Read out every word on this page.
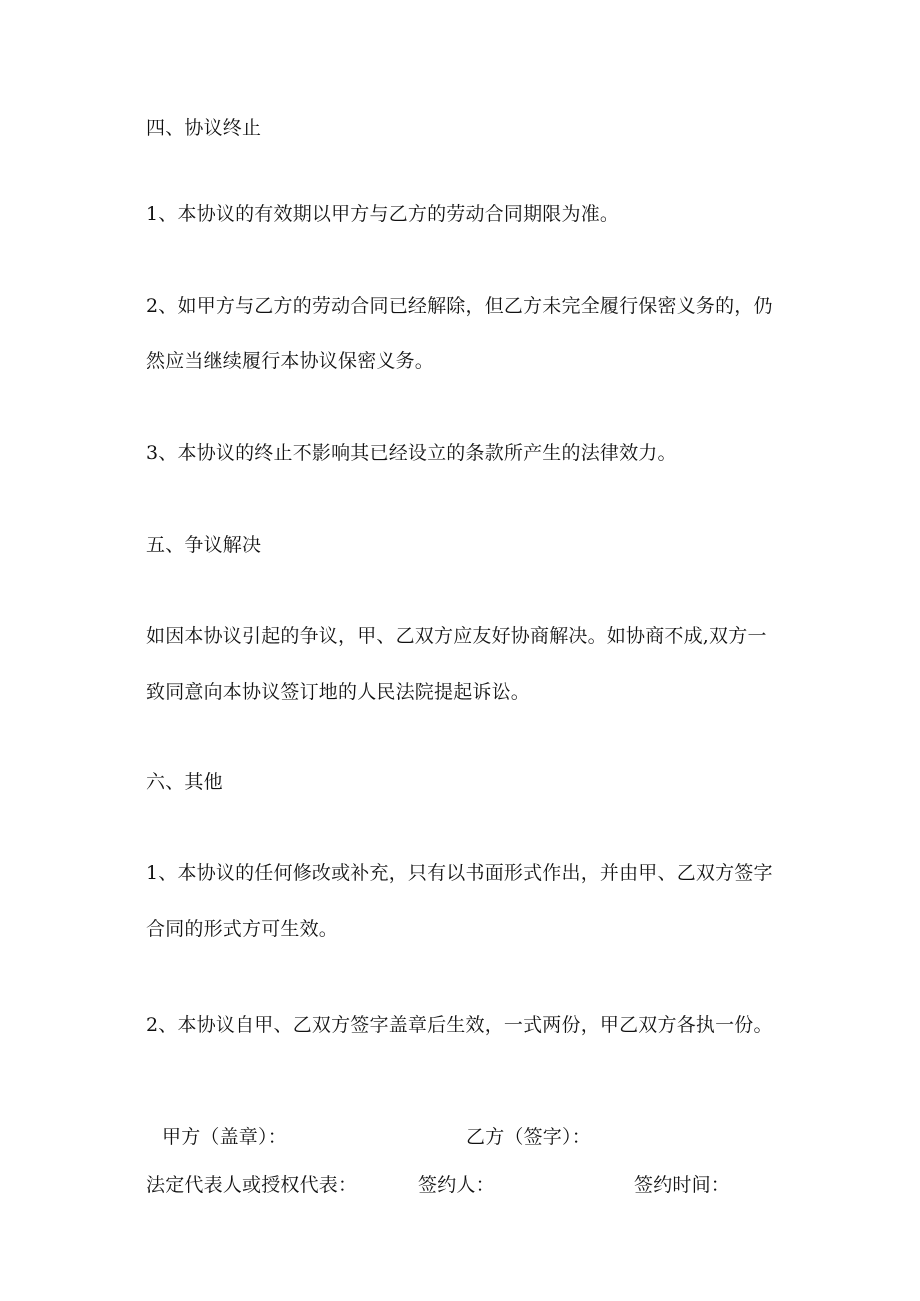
四、协议终止
1、本协议的有效期以甲方与乙方的劳动合同期限为准。
2、如甲方与乙方的劳动合同已经解除，但乙方未完全履行保密义务的，仍
然应当继续履行本协议保密义务。
3、本协议的终止不影响其已经设立的条款所产生的法律效力。
五、争议解决
如因本协议引起的争议，甲、乙双方应友好协商解决。如协商不成,双方一
致同意向本协议签订地的人民法院提起诉讼。
六、其他
1、本协议的任何修改或补充，只有以书面形式作出，并由甲、乙双方签字
合同的形式方可生效。
2、本协议自甲、乙双方签字盖章后生效，一式两份，甲乙双方各执一份。
甲方（盖章）：	乙方（签字）：
法定代表人或授权代表：	签约人：	签约时间：
